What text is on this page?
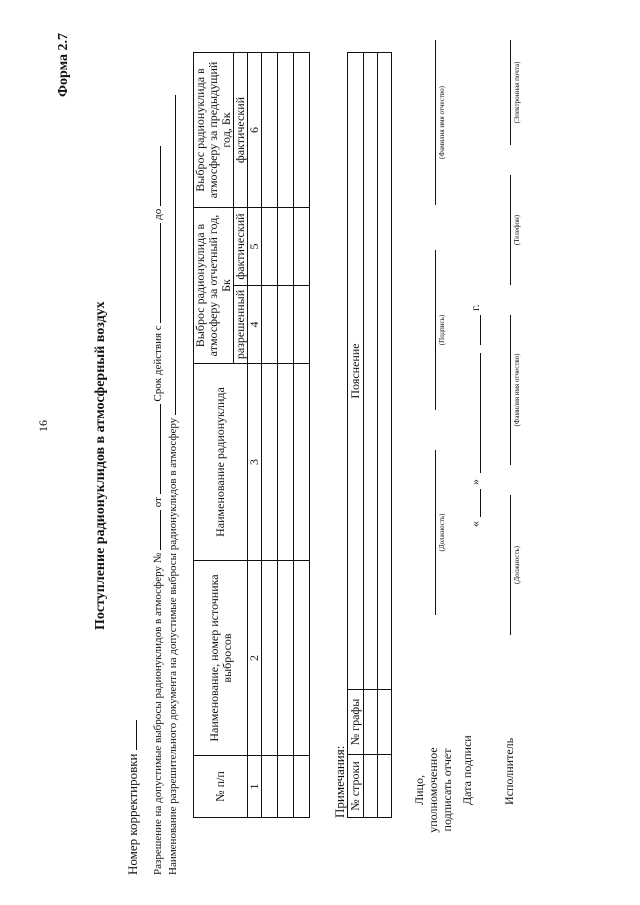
16
Форма 2.7
Поступление радионуклидов в атмосферный воздух
Номер корректировки Разрешение на допустимые выбросы радионуклидов в атмосферу №  от  Срок действия с  до
Наименование разрешительного документа на допустимые выбросы радионуклидов в атмосферу	№ п/п	Наименование, номер источника выбросов	Наименование радионуклида	Выброс радионуклида в атмосферу за отчетный год, Бк		Выброс радионуклида в атмосферу за предыдущий год, Бк
			разрешенный	фактический	фактический
1	2	3	4	5	6

Примечания: № строки	№ графы	Пояснение

Лицо, уполномоченное подписать отчет
(Должность)
(Подпись)
(Фамилия имя отчество)
Дата подписи
«
»
г.
Исполнитель
(Должность)
(Фамилия имя отчество)
(Телефон)
(Электронная почта)
